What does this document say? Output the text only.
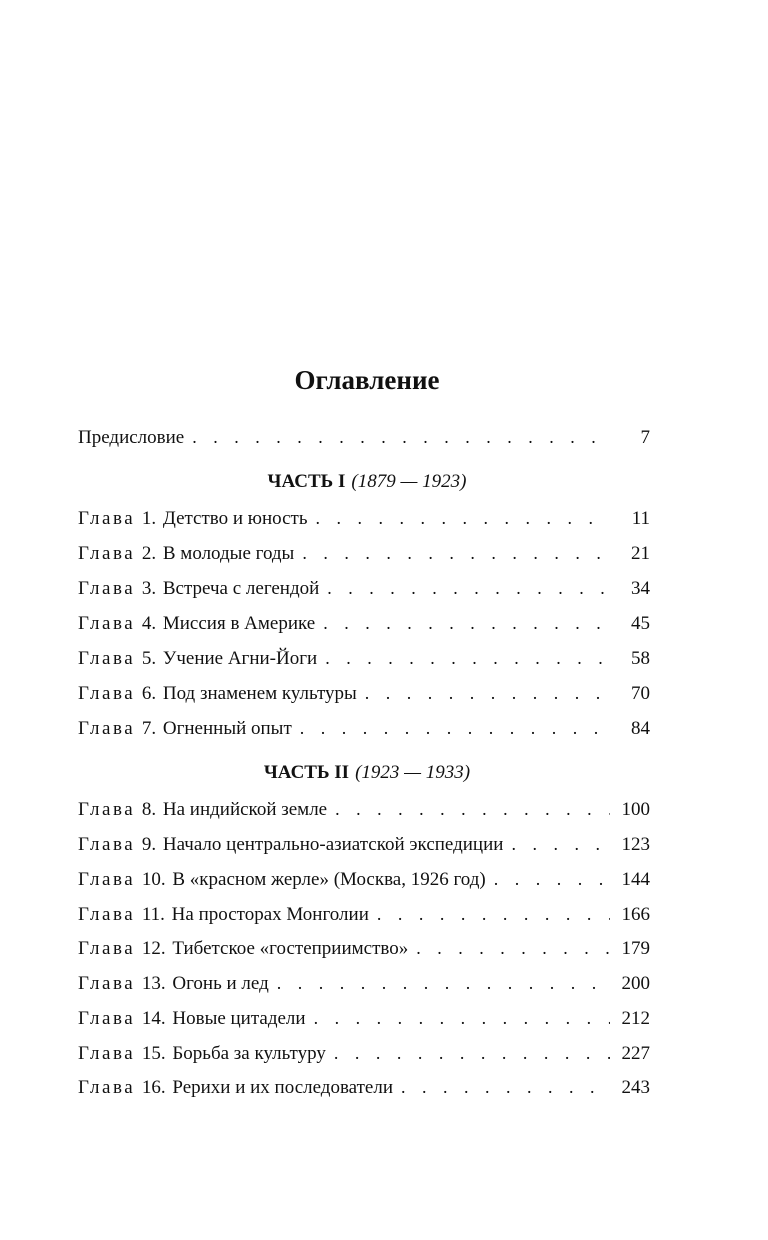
Оглавление
Предисловие . . .	7
ЧАСТЬ I (1879 — 1923)
Глава 1. Детство и юность . . .	11
Глава 2. В молодые годы . . .	21
Глава 3. Встреча с легендой . . .	34
Глава 4. Миссия в Америке . . .	45
Глава 5. Учение Агни-Йоги . . .	58
Глава 6. Под знаменем культуры . . .	70
Глава 7. Огненный опыт . . .	84
ЧАСТЬ II (1923 — 1933)
Глава 8. На индийской земле . . .	100
Глава 9. Начало центрально-азиатской экспедиции . . .	123
Глава 10. В «красном жерле» (Москва, 1926 год) . . .	144
Глава 11. На просторах Монголии . . .	166
Глава 12. Тибетское «гостеприимство» . . .	179
Глава 13. Огонь и лед . . .	200
Глава 14. Новые цитадели . . .	212
Глава 15. Борьба за культуру . . .	227
Глава 16. Рерихи и их последователи . . .	243
